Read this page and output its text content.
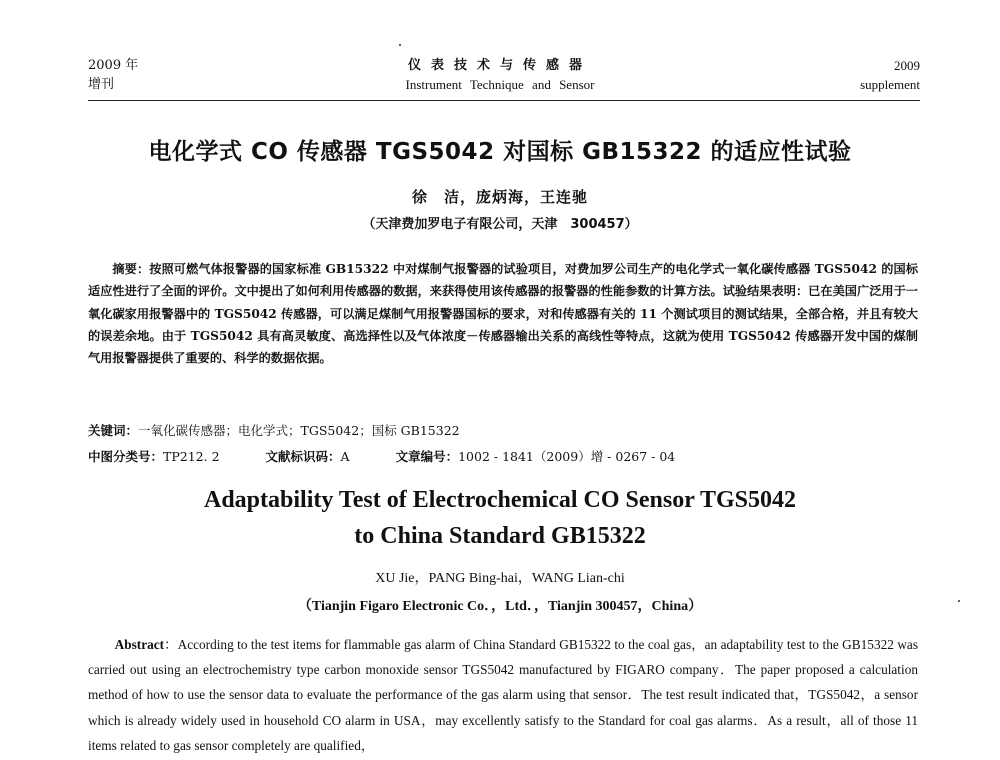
2009 年
增刊
仪表技术与传感器
Instrument Technique and Sensor
2009
supplement
电化学式 CO 传感器 TGS5042 对国标 GB15322 的适应性试验
徐　洁，庞炳海，王连驰
（天津费加罗电子有限公司，天津　300457）
摘要：按照可燃气体报警器的国家标准 GB15322 中对煤制气报警器的试验项目，对费加罗公司生产的电化学式一氧化碳传感器 TGS5042 的国标适应性进行了全面的评价。文中提出了如何利用传感器的数据，来获得使用该传感器的报警器的性能参数的计算方法。试验结果表明：已在美国广泛用于一氧化碳家用报警器中的 TGS5042 传感器，可以满足煤制气用报警器国标的要求，对和传感器有关的 11 个测试项目的测试结果，全部合格，并且有较大的误差余地。由于 TGS5042 具有高灵敏度、高选择性以及气体浓度－传感器输出关系的高线性等特点，这就为使用 TGS5042 传感器开发中国的煤制气用报警器提供了重要的、科学的数据依据。
关键词：一氧化碳传感器；电化学式；TGS5042；国标 GB15322
中图分类号：TP212. 2	文献标识码：A	文章编号：1002 - 1841（2009）增 - 0267 - 04
Adaptability Test of Electrochemical CO Sensor TGS5042
to China Standard GB15322
XU Jie，PANG Bing-hai，WANG Lian-chi
（Tianjin Figaro Electronic Co．，Ltd．，Tianjin 300457，China）
Abstract：According to the test items for flammable gas alarm of China Standard GB15322 to the coal gas，an adaptability test to the GB15322 was carried out using an electrochemistry type carbon monoxide sensor TGS5042 manufactured by FIGARO company．The paper proposed a calculation method of how to use the sensor data to evaluate the performance of the gas alarm using that sensor．The test result indicated that，TGS5042，a sensor which is already widely used in household CO alarm in USA，may excellently satisfy to the Standard for coal gas alarms．As a result，all of those 11 items related to gas sensor completely are qualified，
